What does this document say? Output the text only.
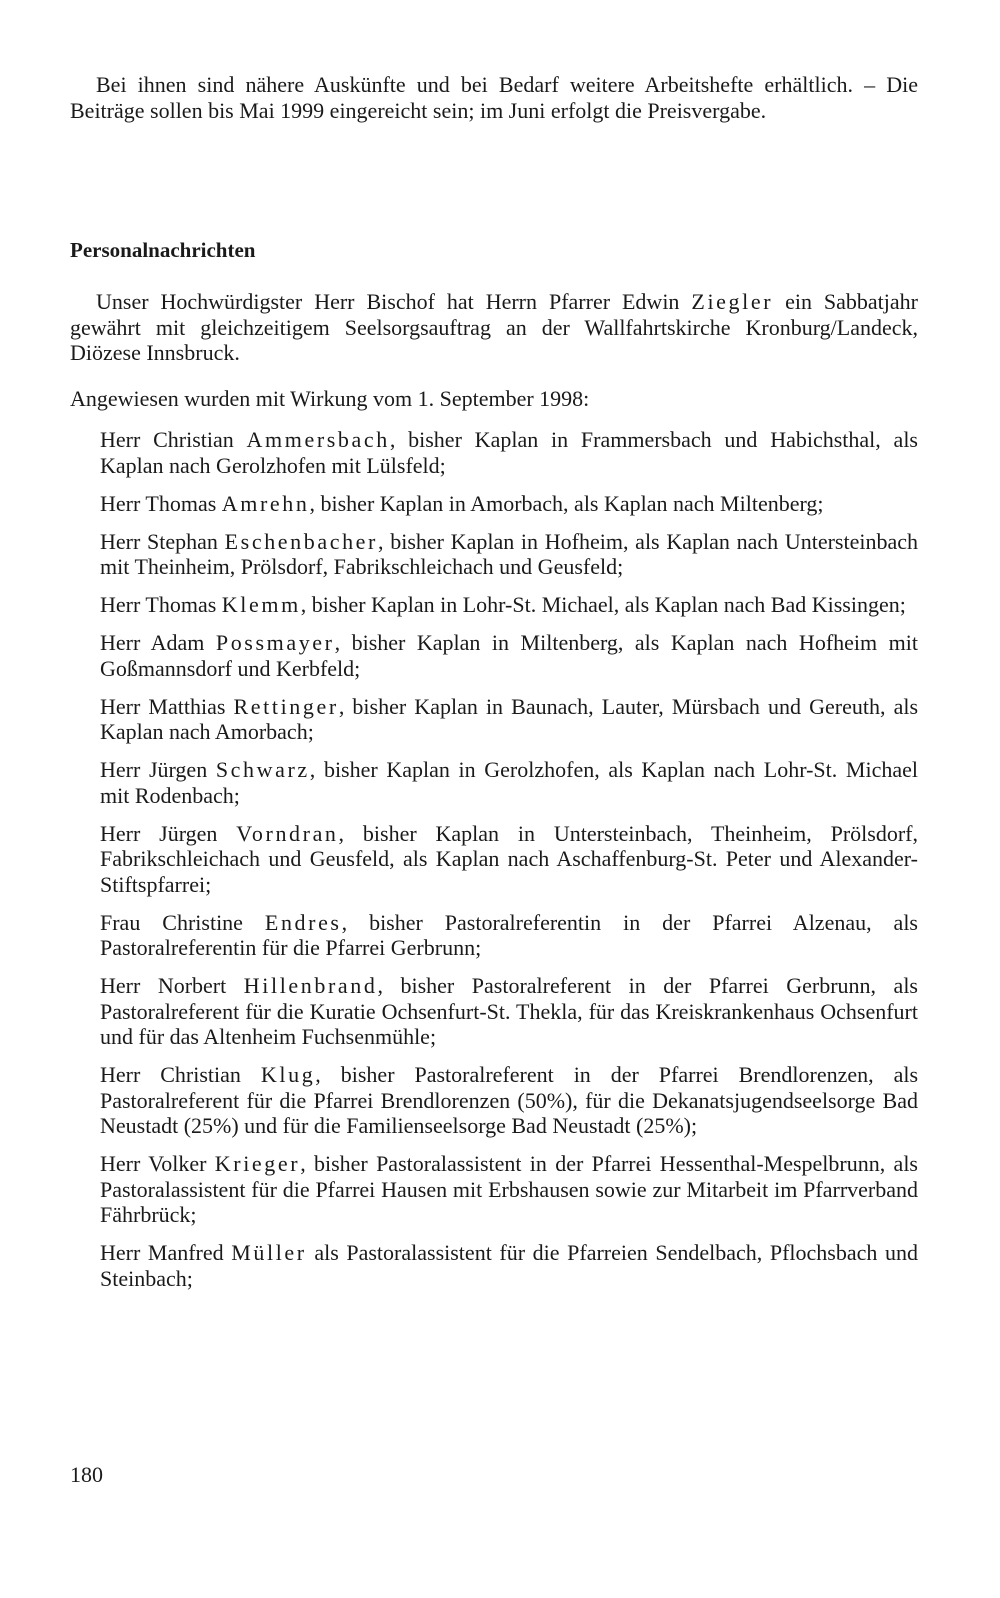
Bei ihnen sind nähere Auskünfte und bei Bedarf weitere Arbeitshefte erhältlich. – Die Beiträge sollen bis Mai 1999 eingereicht sein; im Juni erfolgt die Preisvergabe.

Personalnachrichten

Unser Hochwürdigster Herr Bischof hat Herrn Pfarrer Edwin Ziegler ein Sabbatjahr gewährt mit gleichzeitigem Seelsorgsauftrag an der Wallfahrtskirche Kronburg/Landeck, Diözese Innsbruck.

Angewiesen wurden mit Wirkung vom 1. September 1998:

Herr Christian Ammersbach, bisher Kaplan in Frammersbach und Habichsthal, als Kaplan nach Gerolzhofen mit Lülsfeld;

Herr Thomas Amrehn, bisher Kaplan in Amorbach, als Kaplan nach Miltenberg;

Herr Stephan Eschenbacher, bisher Kaplan in Hofheim, als Kaplan nach Untersteinbach mit Theinheim, Prölsdorf, Fabrikschleichach und Geusfeld;

Herr Thomas Klemm, bisher Kaplan in Lohr-St. Michael, als Kaplan nach Bad Kissingen;

Herr Adam Possmayer, bisher Kaplan in Miltenberg, als Kaplan nach Hofheim mit Goßmannsdorf und Kerbfeld;

Herr Matthias Rettinger, bisher Kaplan in Baunach, Lauter, Mürsbach und Gereuth, als Kaplan nach Amorbach;

Herr Jürgen Schwarz, bisher Kaplan in Gerolzhofen, als Kaplan nach Lohr-St. Michael mit Rodenbach;

Herr Jürgen Vorndran, bisher Kaplan in Untersteinbach, Theinheim, Prölsdorf, Fabrikschleichach und Geusfeld, als Kaplan nach Aschaffenburg-St. Peter und Alexander-Stiftspfarrei;

Frau Christine Endres, bisher Pastoralreferentin in der Pfarrei Alzenau, als Pastoralreferentin für die Pfarrei Gerbrunn;

Herr Norbert Hillenbrand, bisher Pastoralreferent in der Pfarrei Gerbrunn, als Pastoralreferent für die Kuratie Ochsenfurt-St. Thekla, für das Kreiskrankenhaus Ochsenfurt und für das Altenheim Fuchsenmühle;

Herr Christian Klug, bisher Pastoralreferent in der Pfarrei Brendlorenzen, als Pastoralreferent für die Pfarrei Brendlorenzen (50%), für die Dekanatsjugendseelsorge Bad Neustadt (25%) und für die Familienseelsorge Bad Neustadt (25%);

Herr Volker Krieger, bisher Pastoralassistent in der Pfarrei Hessenthal-Mespelbrunn, als Pastoralassistent für die Pfarrei Hausen mit Erbshausen sowie zur Mitarbeit im Pfarrverband Fährbrück;

Herr Manfred Müller als Pastoralassistent für die Pfarreien Sendelbach, Pflochsbach und Steinbach;

180
